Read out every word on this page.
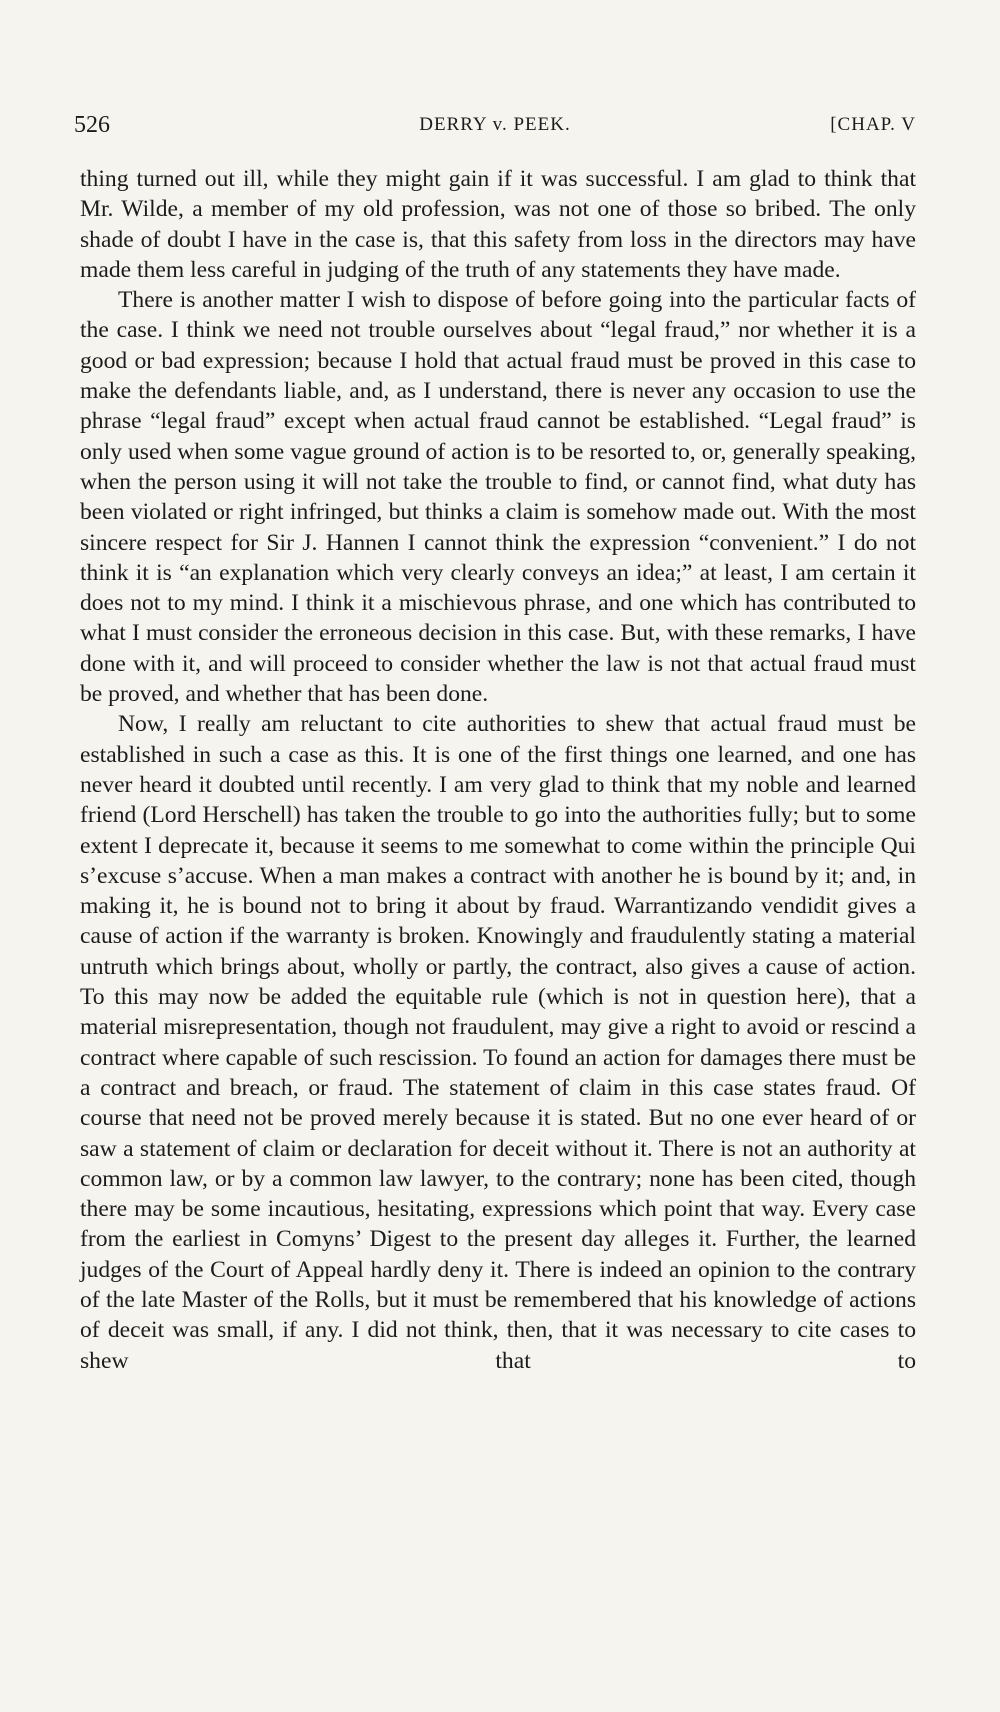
526	DERRY v. PEEK.	[CHAP. V

thing turned out ill, while they might gain if it was successful. I am glad to think that Mr. Wilde, a member of my old profession, was not one of those so bribed. The only shade of doubt I have in the case is, that this safety from loss in the directors may have made them less careful in judging of the truth of any statements they have made.

There is another matter I wish to dispose of before going into the particular facts of the case. I think we need not trouble ourselves about “legal fraud,” nor whether it is a good or bad expression; because I hold that actual fraud must be proved in this case to make the defendants liable, and, as I understand, there is never any occasion to use the phrase “legal fraud” except when actual fraud cannot be established. “Legal fraud” is only used when some vague ground of action is to be resorted to, or, generally speaking, when the person using it will not take the trouble to find, or cannot find, what duty has been violated or right infringed, but thinks a claim is somehow made out. With the most sincere respect for Sir J. Hannen I cannot think the expression “convenient.” I do not think it is “an explanation which very clearly conveys an idea;” at least, I am certain it does not to my mind. I think it a mischievous phrase, and one which has contributed to what I must consider the erroneous decision in this case. But, with these remarks, I have done with it, and will proceed to consider whether the law is not that actual fraud must be proved, and whether that has been done.

Now, I really am reluctant to cite authorities to shew that actual fraud must be established in such a case as this. It is one of the first things one learned, and one has never heard it doubted until recently. I am very glad to think that my noble and learned friend (Lord Herschell) has taken the trouble to go into the authorities fully; but to some extent I deprecate it, because it seems to me somewhat to come within the principle Qui s’excuse s’accuse. When a man makes a contract with another he is bound by it; and, in making it, he is bound not to bring it about by fraud. Warrantizando vendidit gives a cause of action if the warranty is broken. Knowingly and fraudulently stating a material untruth which brings about, wholly or partly, the contract, also gives a cause of action. To this may now be added the equitable rule (which is not in question here), that a material misrepresentation, though not fraudulent, may give a right to avoid or rescind a contract where capable of such rescission. To found an action for damages there must be a contract and breach, or fraud. The statement of claim in this case states fraud. Of course that need not be proved merely because it is stated. But no one ever heard of or saw a statement of claim or declaration for deceit without it. There is not an authority at common law, or by a common law lawyer, to the contrary; none has been cited, though there may be some incautious, hesitating, expressions which point that way. Every case from the earliest in Comyns’ Digest to the present day alleges it. Further, the learned judges of the Court of Appeal hardly deny it. There is indeed an opinion to the contrary of the late Master of the Rolls, but it must be remembered that his knowledge of actions of deceit was small, if any. I did not think, then, that it was necessary to cite cases to shew that to
